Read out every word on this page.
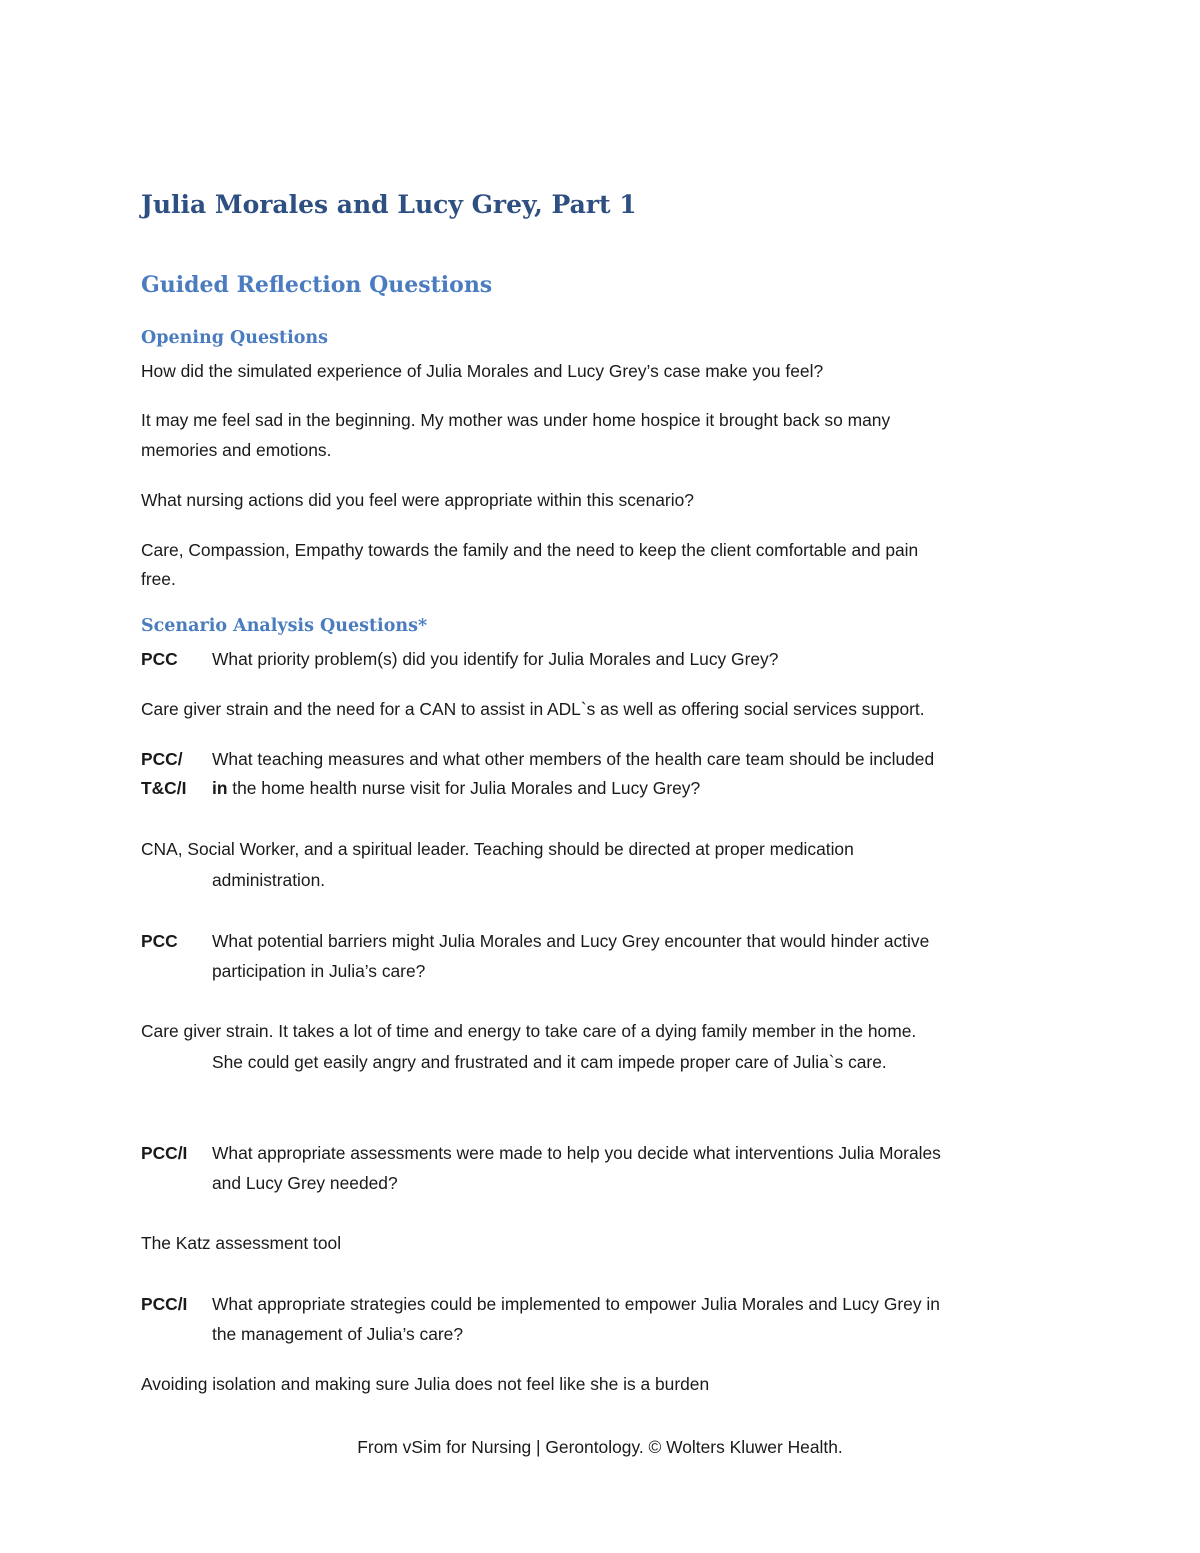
Julia Morales and Lucy Grey, Part 1
Guided Reflection Questions
Opening Questions

How did the simulated experience of Julia Morales and Lucy Grey’s case make you feel?

It may me feel sad in the beginning. My mother was under home hospice it brought back so many

memories and emotions.

What nursing actions did you feel were appropriate within this scenario?

Care, Compassion, Empathy towards the family and the need to keep the client comfortable and pain

free.

Scenario Analysis Questions*
PCC What priority problem(s) did you identify for Julia Morales and Lucy Grey?

Care giver strain and the need for a CAN to assist in ADL`s as well as offering social services support.

PCC/
T&C/I

What teaching measures and what other members of the health care team should be included

in the home health nurse visit for Julia Morales and Lucy Grey?

CNA, Social Worker, and a spiritual leader. Teaching should be directed at proper medication

administration.

PCC What potential barriers might Julia Morales and Lucy Grey encounter that would hinder active

participation in Julia’s care?

Care giver strain. It takes a lot of time and energy to take care of a dying family member in the home.

She could get easily angry and frustrated and it cam impede proper care of Julia`s care.

PCC/I What appropriate assessments were made to help you decide what interventions Julia Morales

and Lucy Grey needed?

The Katz assessment tool

PCC/I What appropriate strategies could be implemented to empower Julia Morales and Lucy Grey in

the management of Julia’s care?

Avoiding isolation and making sure Julia does not feel like she is a burden

From vSim for Nursing | Gerontology. © Wolters Kluwer Health.
